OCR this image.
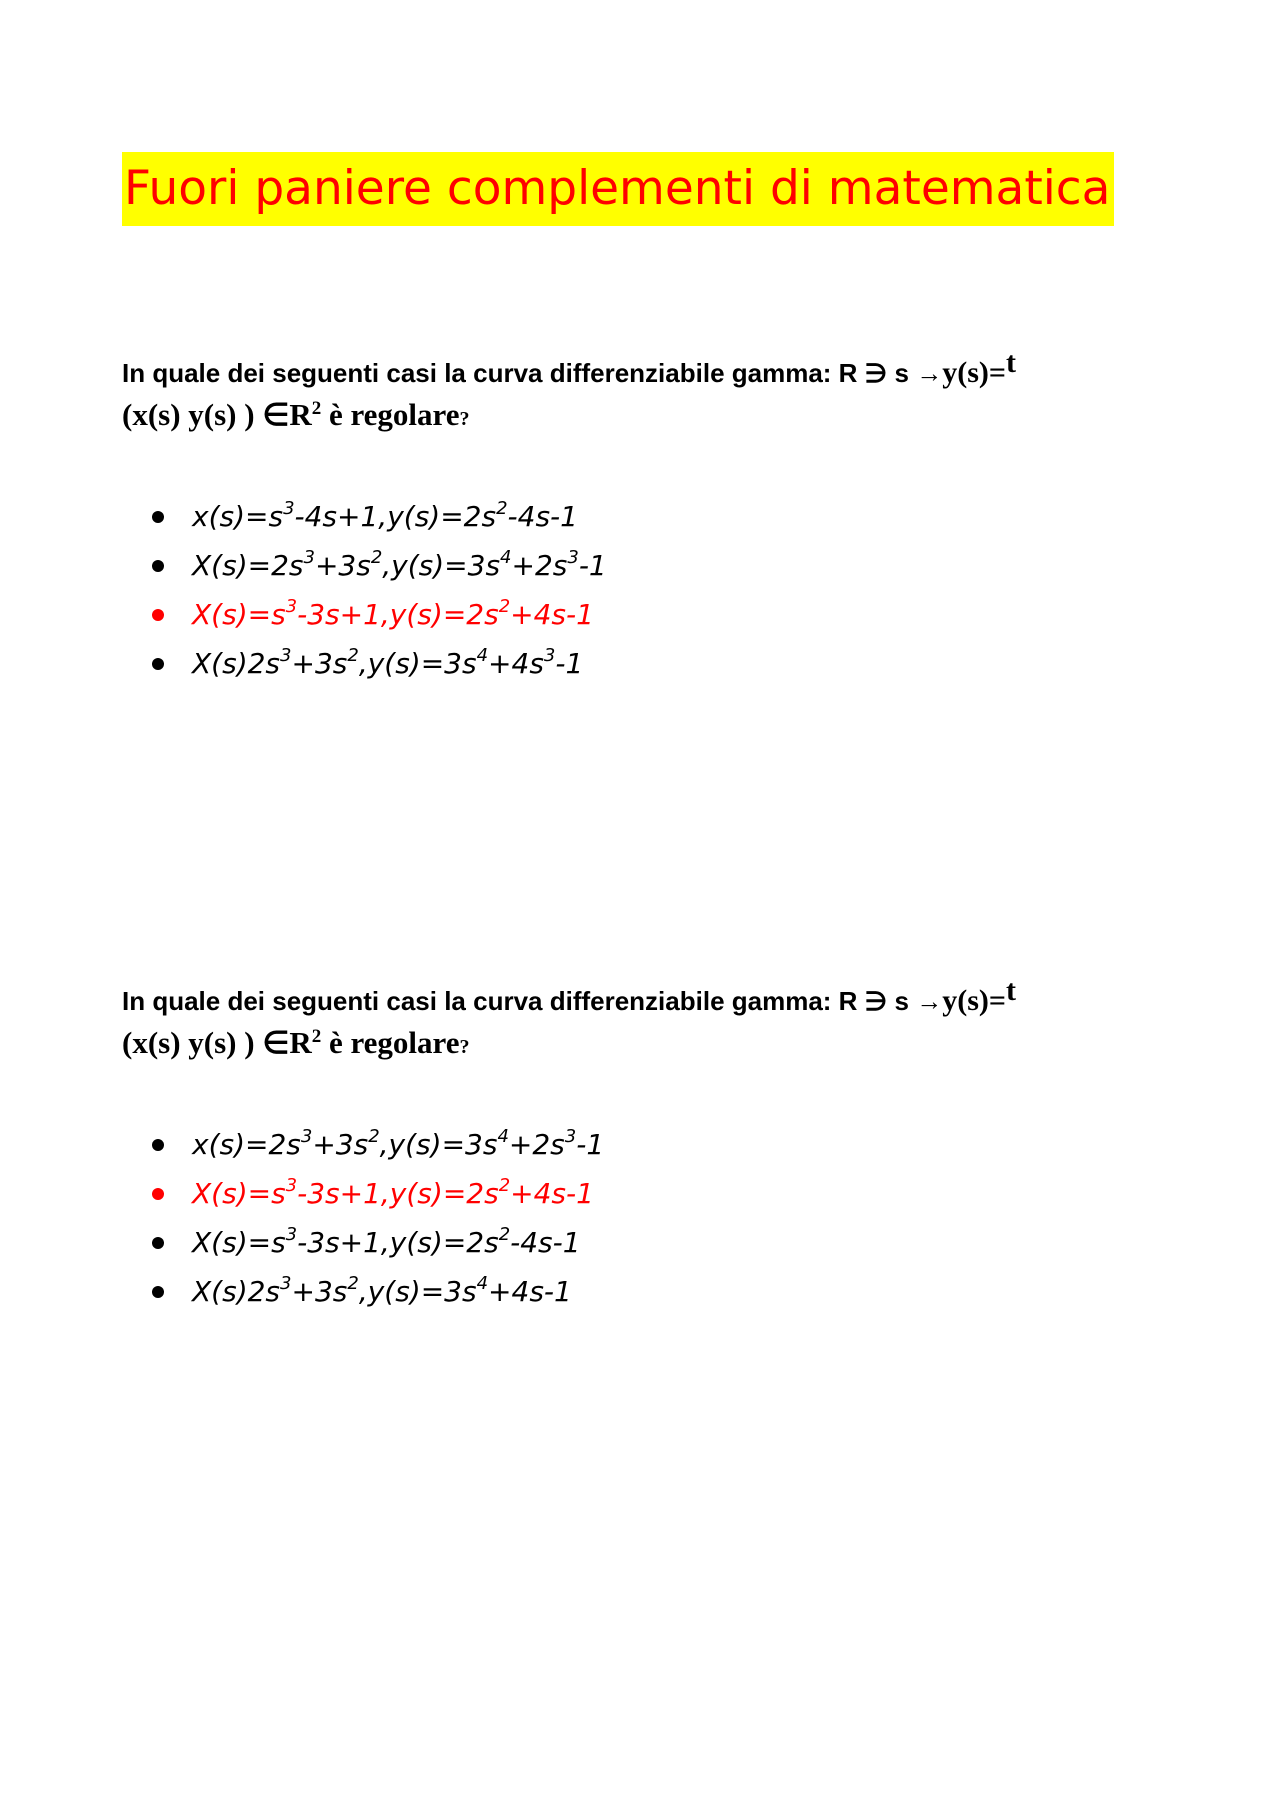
Fuori paniere complementi di matematica
In quale dei seguenti casi la curva differenziabile gamma: R ∋ s →y(s)=$^t$
(x(s) y(s) ) $\in R^2$ è regolare?
$x(s)=s^3-4s+1,y(s)=2s^2-4s-1$
$X(s)=2s^3+3s^2,y(s)=3s^4+2s^3-1$
$X(s)=s^3-3s+1,y(s)=2s^2+4s-1$
$X(s)2s^3+3s^2,y(s)=3s^4+4s^3-1$
In quale dei seguenti casi la curva differenziabile gamma: R ∋ s →y(s)=$^t$
(x(s) y(s) ) $\in R^2$ è regolare?
$x(s)=2s^3+3s^2,y(s)=3s^4+2s^3-1$
$X(s)=s^3-3s+1,y(s)=2s^2+4s-1$
$X(s)=s^3-3s+1,y(s)=2s^2-4s-1$
$X(s)2s^3+3s^2,y(s)=3s^4+4s-1$
